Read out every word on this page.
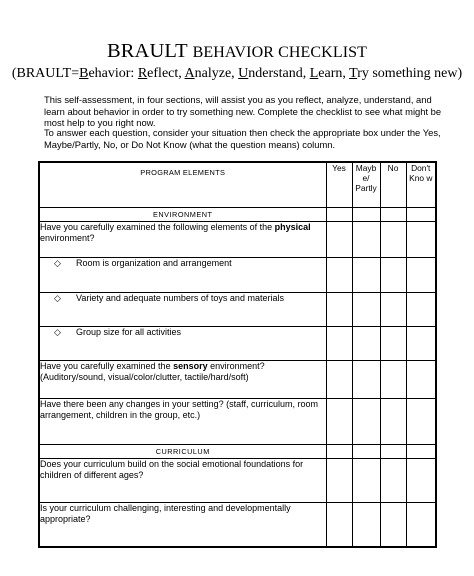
BRAULT BEHAVIOR CHECKLIST
(BRAULT=Behavior: Reflect, Analyze, Understand, Learn, Try something new)
This self-assessment, in four sections, will assist you as you reflect, analyze, understand, and learn about behavior in order to try something new. Complete the checklist to see what might be most help to you right now.
To answer each question, consider your situation then check the appropriate box under the Yes, Maybe/Partly, No, or Do Not Know (what the question means) column.
PROGRAM ELEMENTS	Yes	Mayb e/ Partly	No	Don't Kno w
ENVIRONMENT				
Have you carefully examined the following elements of the physical environment?				
◇ Room is organization and arrangement				
◇ Variety and adequate numbers of toys and materials				
◇ Group size for all activities				
Have you carefully examined the sensory environment? (Auditory/sound, visual/color/clutter, tactile/hard/soft)				
Have there been any changes in your setting? (staff, curriculum, room arrangement, children in the group, etc.)				
CURRICULUM				
Does your curriculum build on the social emotional foundations for children of different ages?				
Is your curriculum challenging, interesting and developmentally appropriate?				
